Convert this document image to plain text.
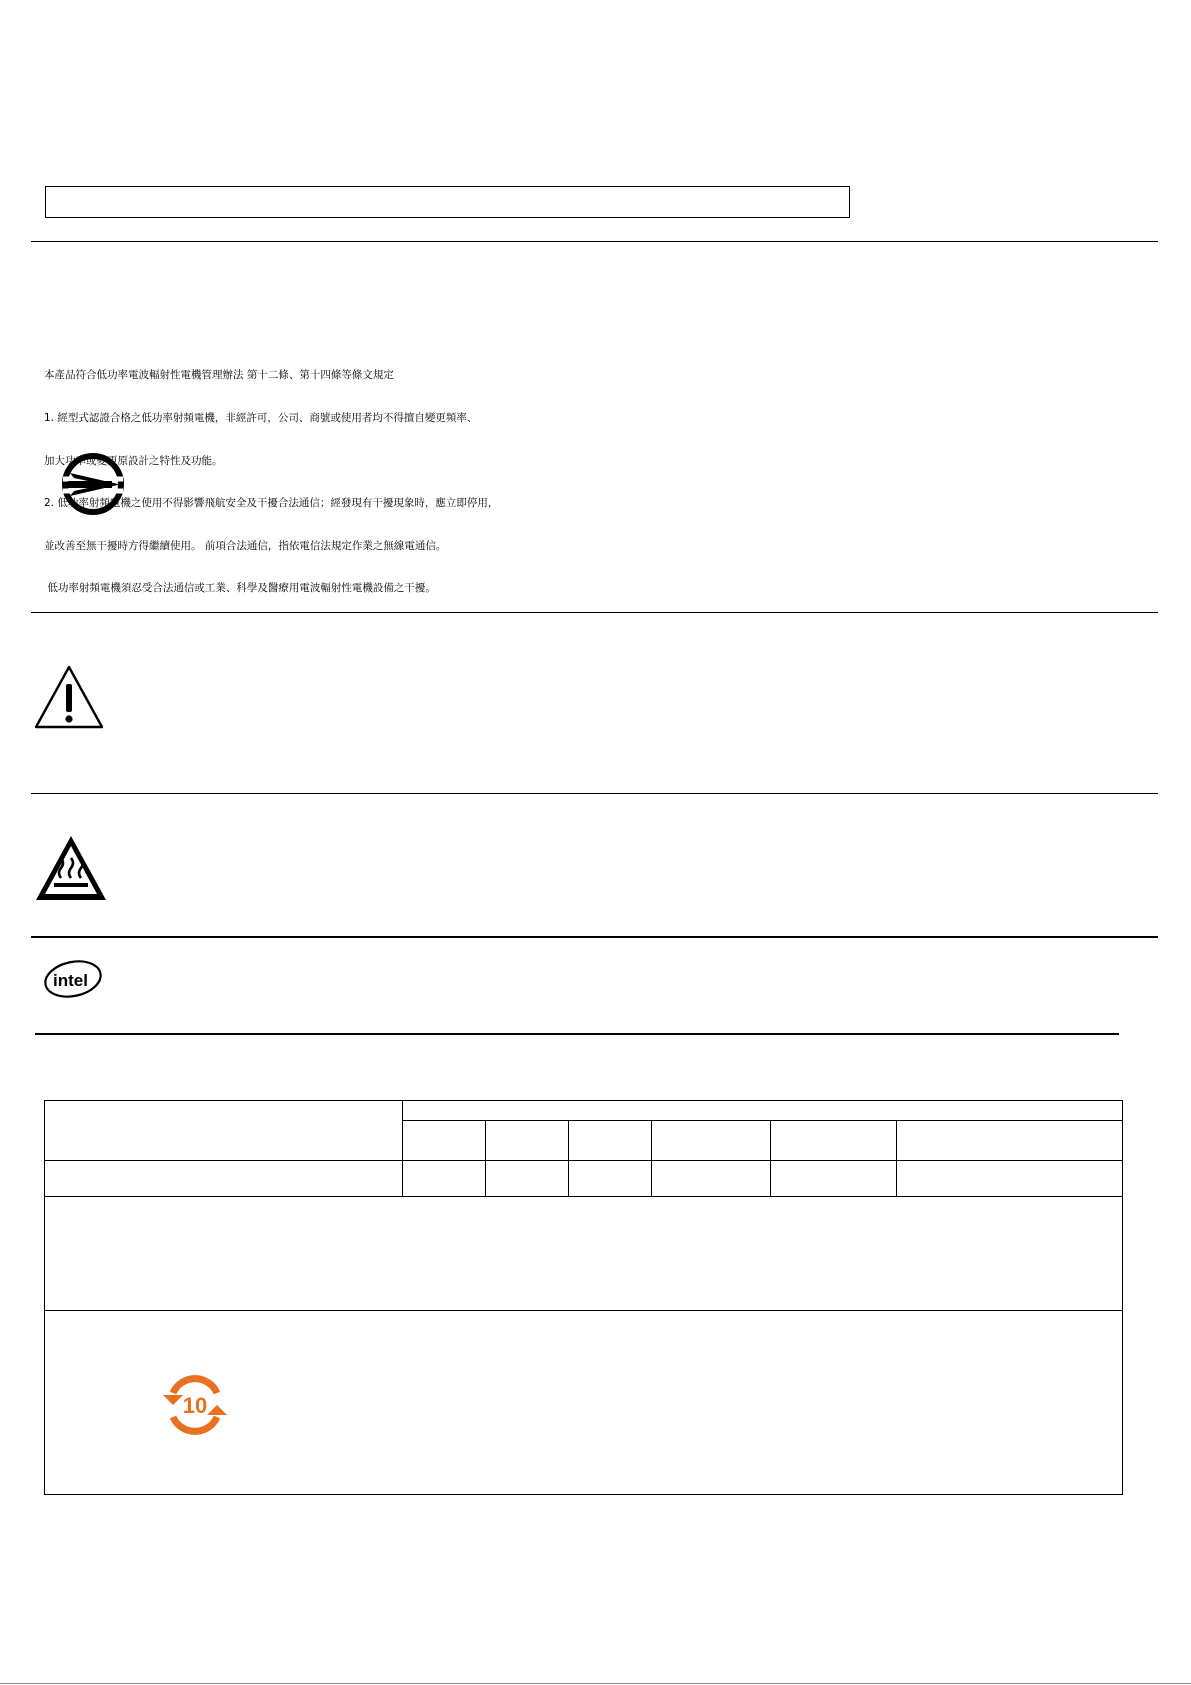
本產品符合低功率電波輻射性電機管理辦法 第十二條、第十四條等條文規定

1. 經型式認證合格之低功率射頻電機，非經許可，公司、商號或使用者均不得擅自變更頻率、

加大功率或變更原設計之特性及功能。

2. 低功率射頻電機之使用不得影響飛航安全及干擾合法通信；經發現有干擾現象時，應立即停用，

並改善至無干擾時方得繼續使用。 前項合法通信，指依電信法規定作業之無線電通信。

低功率射頻電機須忍受合法通信或工業、科學及醫療用電波輻射性電機設備之干擾。

intel

10
